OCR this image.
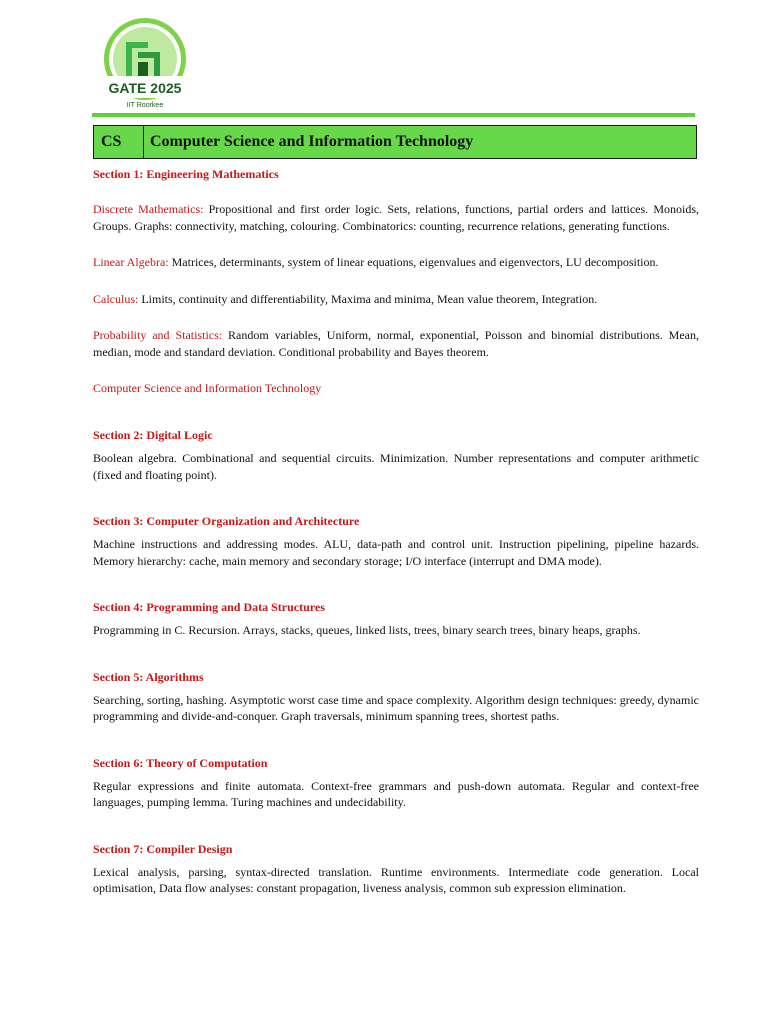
GATE 2025
IIT Roorkee
CS	Computer Science and Information Technology

Section 1: Engineering Mathematics

Discrete Mathematics: Propositional and first order logic. Sets, relations, functions, partial orders and lattices. Monoids, Groups. Graphs: connectivity, matching, colouring. Combinatorics: counting, recurrence relations, generating functions.

Linear Algebra: Matrices, determinants, system of linear equations, eigenvalues and eigenvectors, LU decomposition.

Calculus: Limits, continuity and differentiability, Maxima and minima, Mean value theorem, Integration.

Probability and Statistics: Random variables, Uniform, normal, exponential, Poisson and binomial distributions. Mean, median, mode and standard deviation. Conditional probability and Bayes theorem.

Computer Science and Information Technology

Section 2: Digital Logic

Boolean algebra. Combinational and sequential circuits. Minimization. Number representations and computer arithmetic (fixed and floating point).

Section 3: Computer Organization and Architecture

Machine instructions and addressing modes. ALU, data-path and control unit. Instruction pipelining, pipeline hazards. Memory hierarchy: cache, main memory and secondary storage; I/O interface (interrupt and DMA mode).

Section 4: Programming and Data Structures

Programming in C. Recursion. Arrays, stacks, queues, linked lists, trees, binary search trees, binary heaps, graphs.

Section 5: Algorithms

Searching, sorting, hashing. Asymptotic worst case time and space complexity. Algorithm design techniques: greedy, dynamic programming and divide-and-conquer. Graph traversals, minimum spanning trees, shortest paths.

Section 6: Theory of Computation

Regular expressions and finite automata. Context-free grammars and push-down automata. Regular and context-free languages, pumping lemma. Turing machines and undecidability.

Section 7: Compiler Design

Lexical analysis, parsing, syntax-directed translation. Runtime environments. Intermediate code generation. Local optimisation, Data flow analyses: constant propagation, liveness analysis, common sub expression elimination.
